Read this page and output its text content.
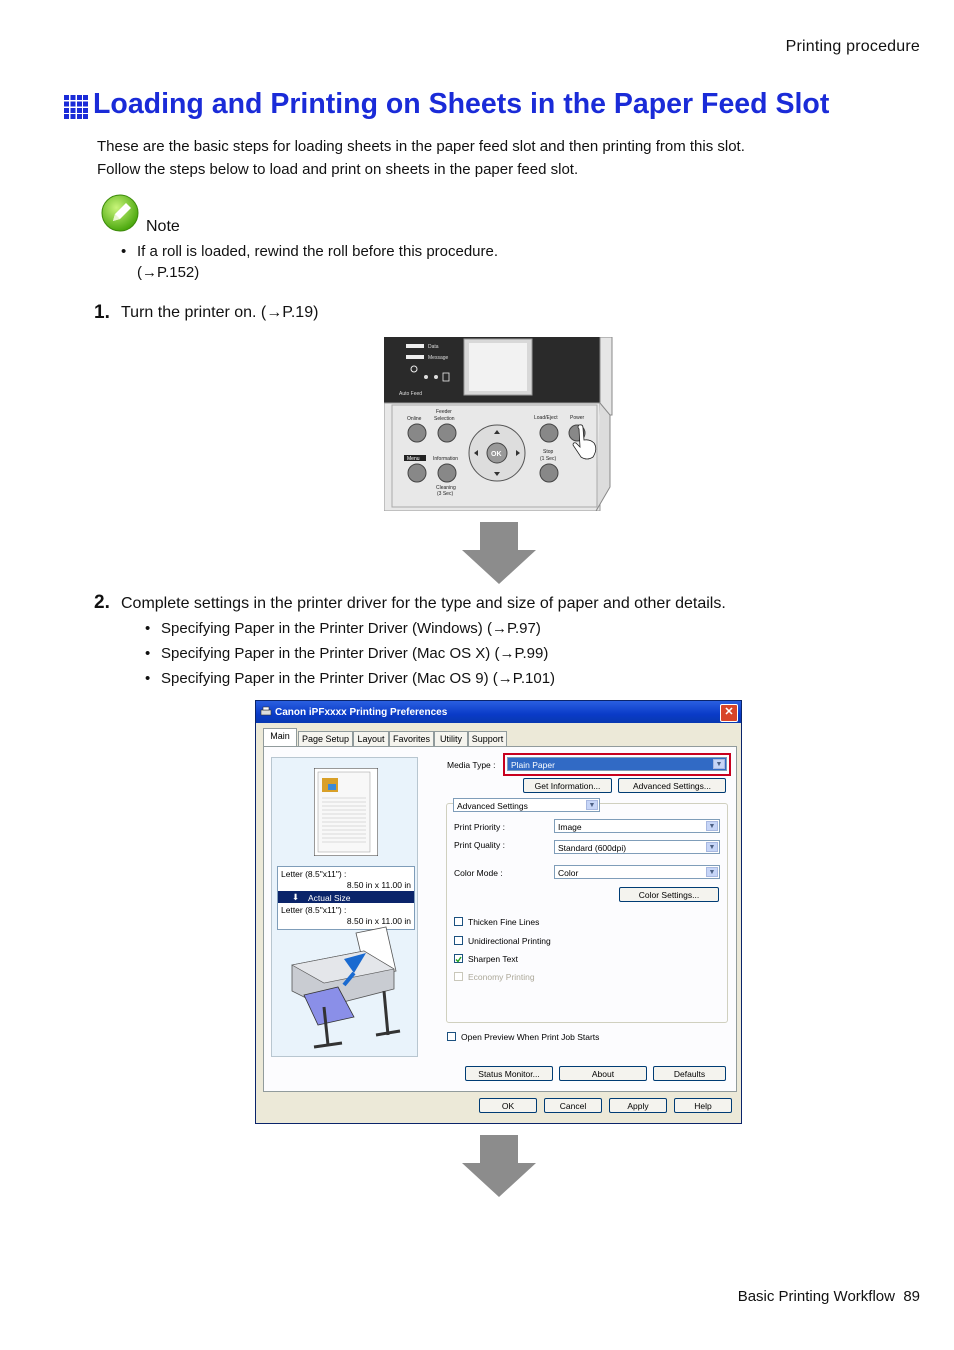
Printing procedure
Loading and Printing on Sheets in the Paper Feed Slot
These are the basic steps for loading sheets in the paper feed slot and then printing from this slot.
Follow the steps below to load and print on sheets in the paper feed slot.
Note
• If a roll is loaded, rewind the roll before this procedure.
(→P.152)
1. Turn the printer on. (→P.19)
Data
Message
Auto Feed
Online
Feeder
Selection	Load/Eject Power
Information
Stop
(1 Sec)
Cleaning
(3 Sec)
Menu
OK
2. Complete settings in the printer driver for the type and size of paper and other details.
• Specifying Paper in the Printer Driver (Windows) (→P.97)
• Specifying Paper in the Printer Driver (Mac OS X) (→P.99)
• Specifying Paper in the Printer Driver (Mac OS 9) (→P.101)
Canon iPFxxxx Printing Preferences	✕
Main	Page Setup Layout Favorites	Utility	Support
Letter (8.5"x11") :
8.50 in x 11.00 in
⬇ Actual Size
Letter (8.5"x11") :
8.50 in x 11.00 in
Media Type :	Plain Paper	▼
Get Information...	Advanced Settings...
Advanced Settings	▼
Print Priority :	Image	▼
Print Quality :	Standard (600dpi)	▼
Color Mode :	Color	▼
Color Settings...
Thicken Fine Lines
Unidirectional Printing
Sharpen Text
Economy Printing
Open Preview When Print Job Starts
Status Monitor...	About	Defaults
OK	Cancel	Apply	Help
Basic Printing Workflow 89
